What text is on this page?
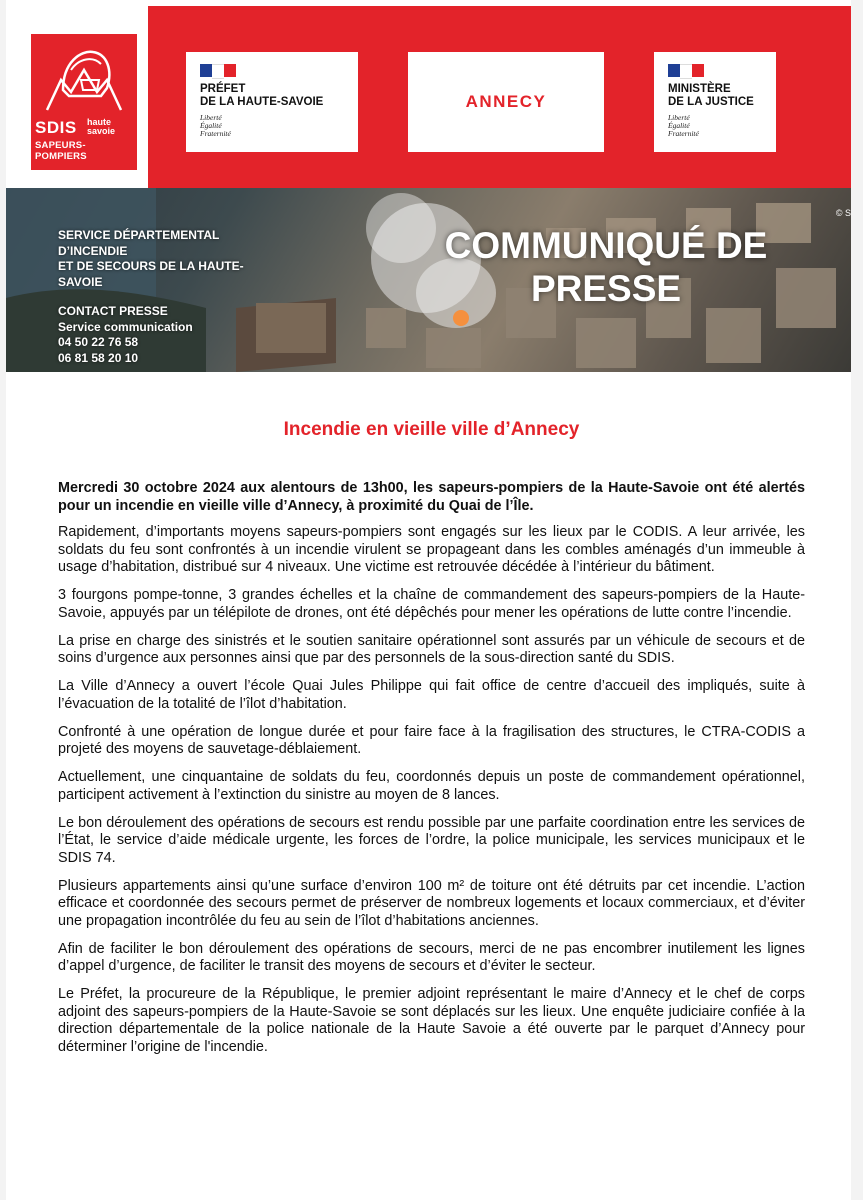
SDIS haute savoie
SAPEURS-POMPIERS
PRÉFET
DE LA HAUTE-SAVOIE
Liberté
Égalité
Fraternité
ANNECY
MINISTÈRE
DE LA JUSTICE
Liberté
Égalité
Fraternité
© S
SERVICE DÉPARTEMENTAL
D’INCENDIE
ET DE SECOURS DE LA HAUTE-
SAVOIE
CONTACT PRESSE
Service communication
04 50 22 76 58
06 81 58 20 10
COMMUNIQUÉ DE
PRESSE
Incendie en vieille ville d’Annecy

Mercredi 30 octobre 2024 aux alentours de 13h00, les sapeurs-pompiers de la Haute-Savoie ont été alertés pour un incendie en vieille ville d’Annecy, à proximité du Quai de l’Île.

Rapidement, d’importants moyens sapeurs-pompiers sont engagés sur les lieux par le CODIS. A leur arrivée, les soldats du feu sont confrontés à un incendie virulent se propageant dans les combles aménagés d’un immeuble à usage d’habitation, distribué sur 4 niveaux. Une victime est retrouvée décédée à l’intérieur du bâtiment.

3 fourgons pompe-tonne, 3 grandes échelles et la chaîne de commandement des sapeurs-pompiers de la Haute-Savoie, appuyés par un télépilote de drones, ont été dépêchés pour mener les opérations de lutte contre l’incendie.

La prise en charge des sinistrés et le soutien sanitaire opérationnel sont assurés par un véhicule de secours et de soins d’urgence aux personnes ainsi que par des personnels de la sous-direction santé du SDIS.

La Ville d’Annecy a ouvert l’école Quai Jules Philippe qui fait office de centre d’accueil des impliqués, suite à l’évacuation de la totalité de l’îlot d’habitation.

Confronté à une opération de longue durée et pour faire face à la fragilisation des structures, le CTRA-CODIS a projeté des moyens de sauvetage-déblaiement.

Actuellement, une cinquantaine de soldats du feu, coordonnés depuis un poste de commandement opérationnel, participent activement à l’extinction du sinistre au moyen de 8 lances.

Le bon déroulement des opérations de secours est rendu possible par une parfaite coordination entre les services de l’État, le service d’aide médicale urgente, les forces de l’ordre, la police municipale, les services municipaux et le SDIS 74.

Plusieurs appartements ainsi qu’une surface d’environ 100 m² de toiture ont été détruits par cet incendie. L’action efficace et coordonnée des secours permet de préserver de nombreux logements et locaux commerciaux, et d’éviter une propagation incontrôlée du feu au sein de l’îlot d’habitations anciennes.

Afin de faciliter le bon déroulement des opérations de secours, merci de ne pas encombrer inutilement les lignes d’appel d’urgence, de faciliter le transit des moyens de secours et d’éviter le secteur.

Le Préfet, la procureure de la République, le premier adjoint représentant le maire d’Annecy et le chef de corps adjoint des sapeurs-pompiers de la Haute-Savoie se sont déplacés sur les lieux. Une enquête judiciaire confiée à la direction départementale de la police nationale de la Haute Savoie a été ouverte par le parquet d’Annecy pour déterminer l’origine de l'incendie.
